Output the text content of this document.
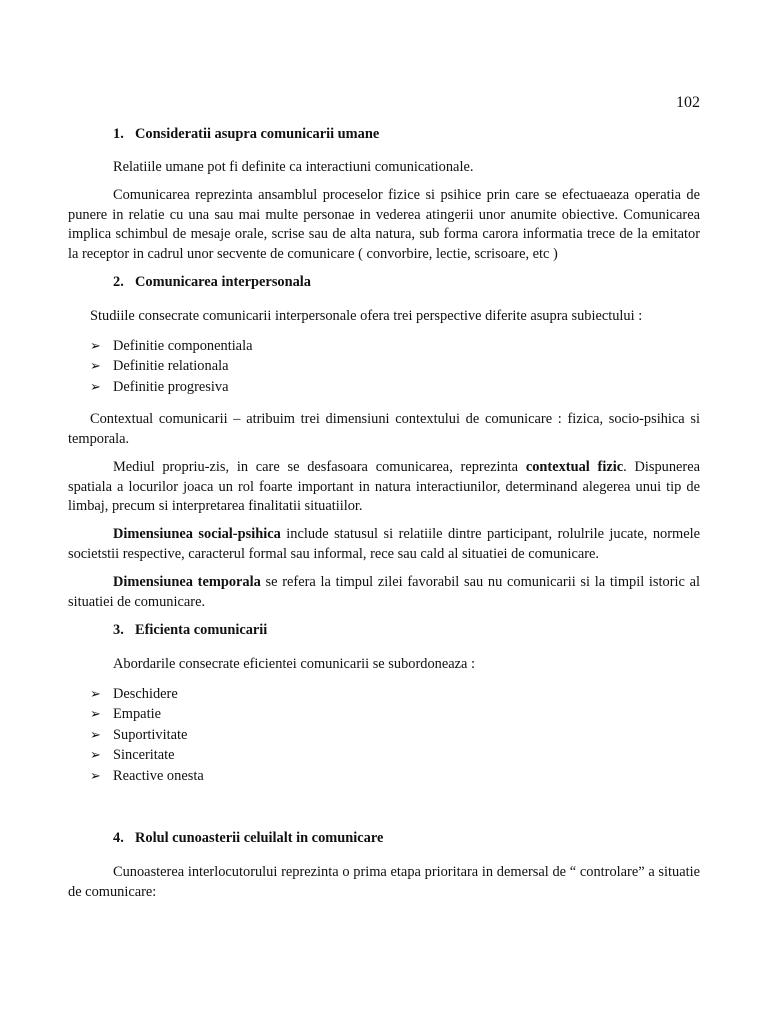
102
1. Consideratii asupra comunicarii umane

Relatiile umane pot fi definite ca interactiuni comunicationale.

Comunicarea reprezinta ansamblul proceselor fizice si psihice prin care se efectuaeaza operatia de punere in relatie cu una sau mai multe personae in vederea atingerii unor anumite obiective. Comunicarea implica schimbul de mesaje orale, scrise sau de alta natura, sub forma carora informatia trece de la emitator la receptor in cadrul unor secvente de comunicare ( convorbire, lectie, scrisoare, etc )

2. Comunicarea interpersonala

Studiile consecrate comunicarii interpersonale ofera trei perspective diferite asupra subiectului :

➢ Definitie componentiala
➢ Definitie relationala
➢ Definitie progresiva

Contextual comunicarii – atribuim trei dimensiuni contextului de comunicare : fizica, socio-psihica si temporala.

Mediul propriu-zis, in care se desfasoara comunicarea, reprezinta contextual fizic. Dispunerea spatiala a locurilor joaca un rol foarte important in natura interactiunilor, determinand alegerea unui tip de limbaj, precum si interpretarea finalitatii situatiilor.

Dimensiunea social-psihica include statusul si relatiile dintre participant, rolulrile jucate, normele societstii respective, caracterul formal sau informal, rece sau cald al situatiei de comunicare.

Dimensiunea temporala se refera la timpul zilei favorabil sau nu comunicarii si la timpil istoric al situatiei de comunicare.

3. Eficienta comunicarii

Abordarile consecrate eficientei comunicarii se subordoneaza :

➢ Deschidere
➢ Empatie
➢ Suportivitate
➢ Sinceritate
➢ Reactive onesta
4. Rolul cunoasterii celuilalt in comunicare

Cunoasterea interlocutorului reprezinta o prima etapa prioritara in demersal de “ controlare” a situatie de comunicare:
